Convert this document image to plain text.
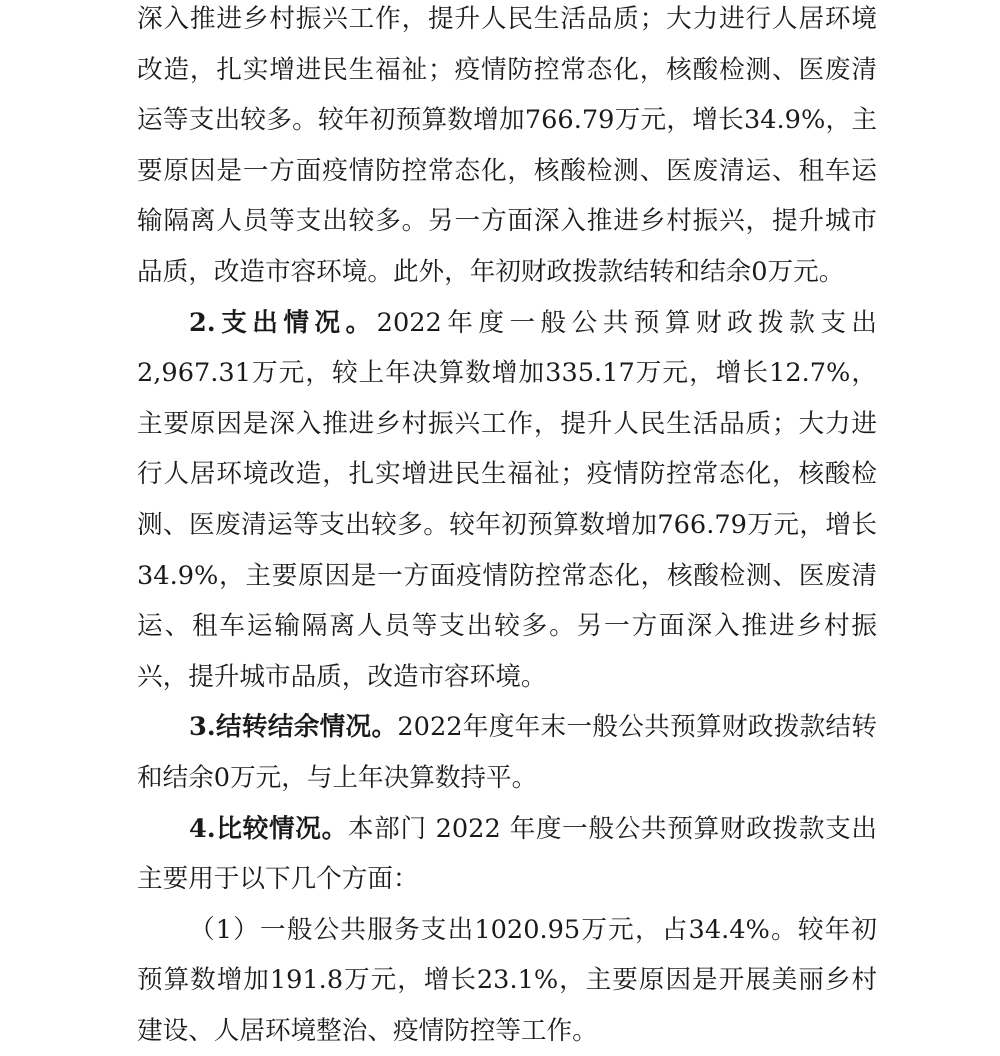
深入推进乡村振兴工作，提升人民生活品质；大力进行人居环境改造，扎实增进民生福祉；疫情防控常态化，核酸检测、医废清运等支出较多。较年初预算数增加766.79万元，增长34.9%，主要原因是一方面疫情防控常态化，核酸检测、医废清运、租车运输隔离人员等支出较多。另一方面深入推进乡村振兴，提升城市品质，改造市容环境。此外，年初财政拨款结转和结余0万元。

2.支出情况。2022年度一般公共预算财政拨款支出2,967.31万元，较上年决算数增加335.17万元，增长12.7%，主要原因是深入推进乡村振兴工作，提升人民生活品质；大力进行人居环境改造，扎实增进民生福祉；疫情防控常态化，核酸检测、医废清运等支出较多。较年初预算数增加766.79万元，增长34.9%，主要原因是一方面疫情防控常态化，核酸检测、医废清运、租车运输隔离人员等支出较多。另一方面深入推进乡村振兴，提升城市品质，改造市容环境。

3.结转结余情况。2022年度年末一般公共预算财政拨款结转和结余0万元，与上年决算数持平。

4.比较情况。本部门 2022 年度一般公共预算财政拨款支出主要用于以下几个方面：

（1）一般公共服务支出1020.95万元，占34.4%。较年初预算数增加191.8万元，增长23.1%，主要原因是开展美丽乡村建设、人居环境整治、疫情防控等工作。
